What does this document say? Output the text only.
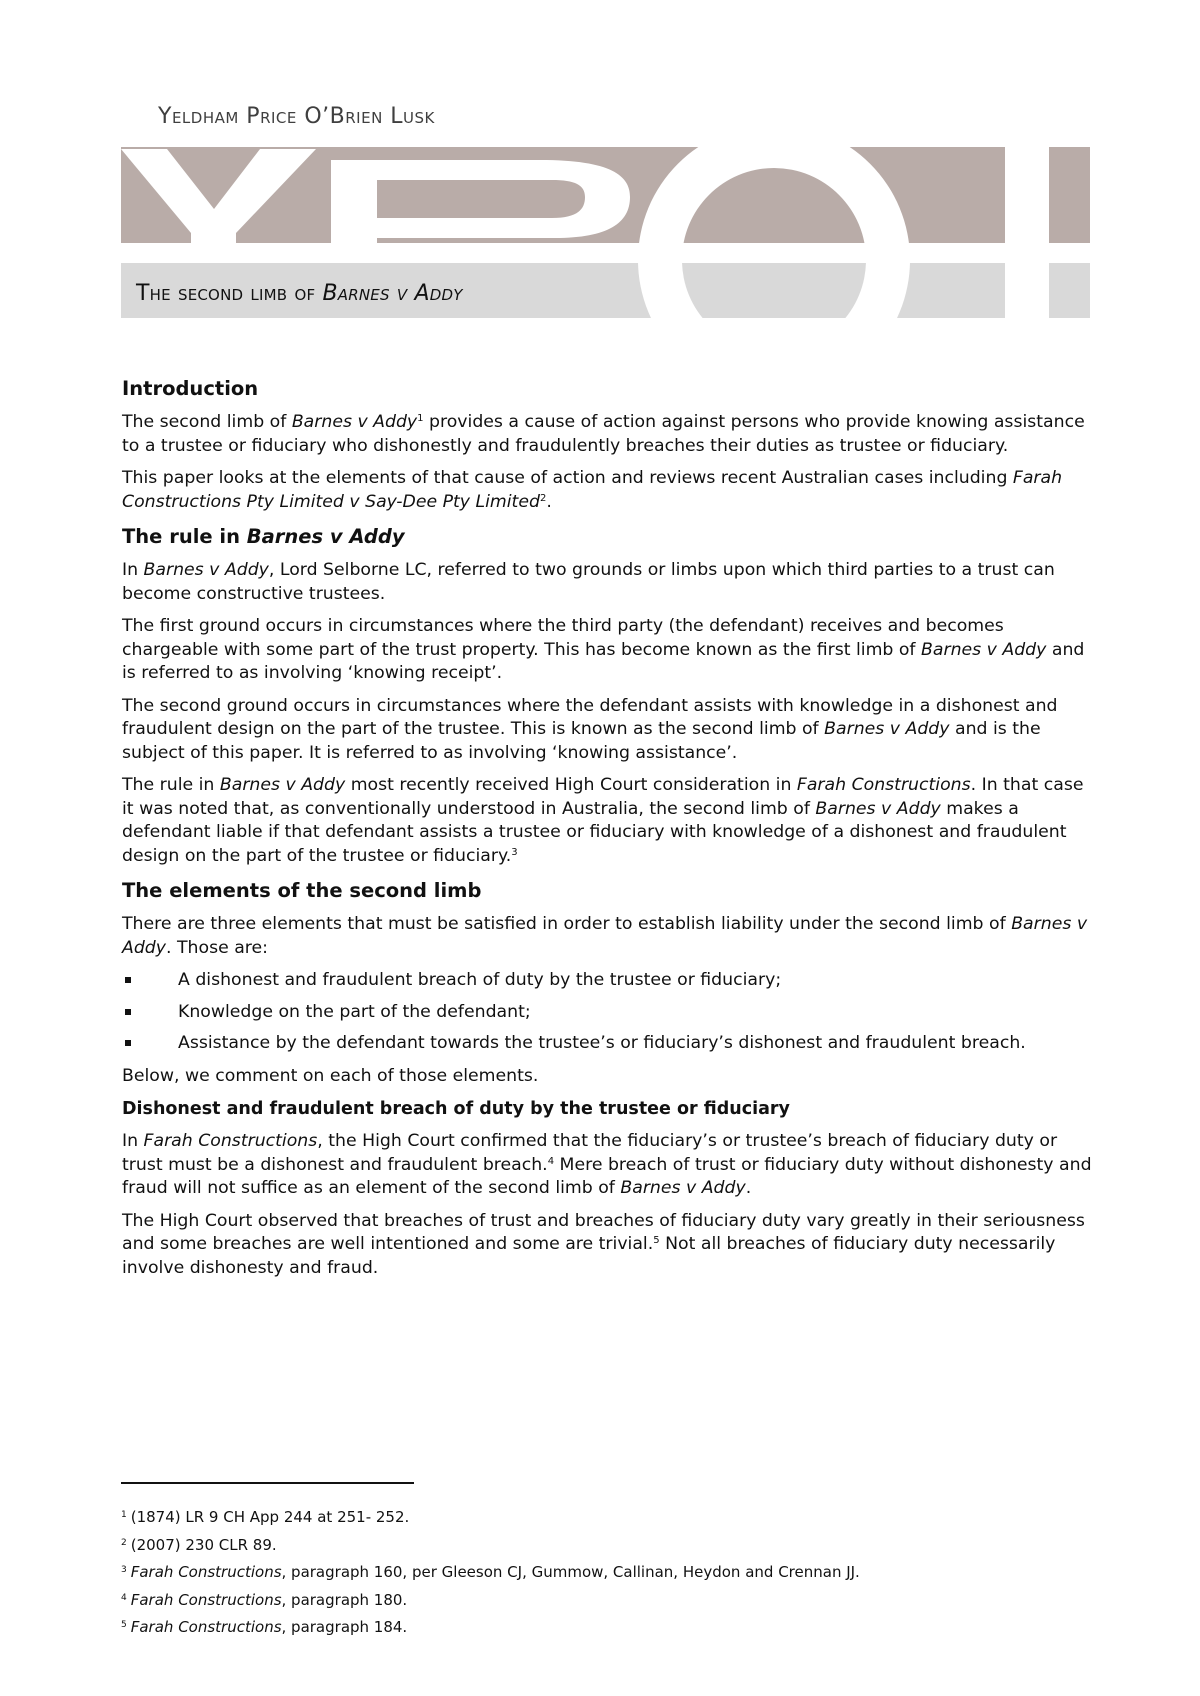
Yeldham Price O’Brien Lusk
The second limb of Barnes v Addy
Introduction

The second limb of Barnes v Addy$^1$ provides a cause of action against persons who provide knowing assistance to a trustee or fiduciary who dishonestly and fraudulently breaches their duties as trustee or fiduciary.

This paper looks at the elements of that cause of action and reviews recent Australian cases including Farah Constructions Pty Limited v Say-Dee Pty Limited$^2$.

The rule in Barnes v Addy

In Barnes v Addy, Lord Selborne LC, referred to two grounds or limbs upon which third parties to a trust can become constructive trustees.

The first ground occurs in circumstances where the third party (the defendant) receives and becomes chargeable with some part of the trust property. This has become known as the first limb of Barnes v Addy and is referred to as involving ‘knowing receipt’.

The second ground occurs in circumstances where the defendant assists with knowledge in a dishonest and fraudulent design on the part of the trustee. This is known as the second limb of Barnes v Addy and is the subject of this paper. It is referred to as involving ‘knowing assistance’.

The rule in Barnes v Addy most recently received High Court consideration in Farah Constructions. In that case it was noted that, as conventionally understood in Australia, the second limb of Barnes v Addy makes a defendant liable if that defendant assists a trustee or fiduciary with knowledge of a dishonest and fraudulent design on the part of the trustee or fiduciary.$^3$

The elements of the second limb

There are three elements that must be satisfied in order to establish liability under the second limb of Barnes v Addy. Those are:

A dishonest and fraudulent breach of duty by the trustee or fiduciary;
Knowledge on the part of the defendant;
Assistance by the defendant towards the trustee’s or fiduciary’s dishonest and fraudulent breach.

Below, we comment on each of those elements.

Dishonest and fraudulent breach of duty by the trustee or fiduciary

In Farah Constructions, the High Court confirmed that the fiduciary’s or trustee’s breach of fiduciary duty or trust must be a dishonest and fraudulent breach.$^4$ Mere breach of trust or fiduciary duty without dishonesty and fraud will not suffice as an element of the second limb of Barnes v Addy.

The High Court observed that breaches of trust and breaches of fiduciary duty vary greatly in their seriousness and some breaches are well intentioned and some are trivial.$^5$ Not all breaches of fiduciary duty necessarily involve dishonesty and fraud.

$^1$ (1874) LR 9 CH App 244 at 251- 252.
$^2$ (2007) 230 CLR 89.
$^3$ Farah Constructions, paragraph 160, per Gleeson CJ, Gummow, Callinan, Heydon and Crennan JJ.
$^4$ Farah Constructions, paragraph 180.
$^5$ Farah Constructions, paragraph 184.
